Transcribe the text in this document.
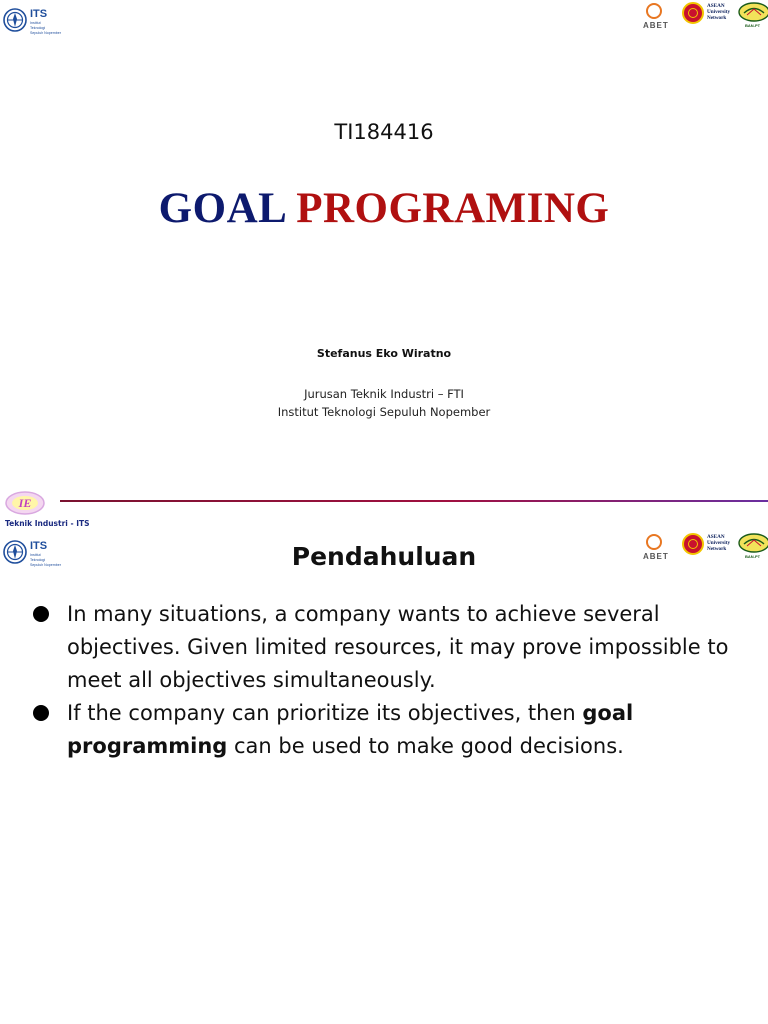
ITS
Institut
Teknologi
Sepuluh Nopember
ABET
ASEAN
University
Network
BAN-PT
TI184416
GOAL PROGRAMING
Stefanus Eko Wiratno
Jurusan Teknik Industri – FTI
Institut Teknologi Sepuluh Nopember
IE
Teknik Industri - ITS
ITS
Institut
Teknologi
Sepuluh Nopember
ABET
ASEAN
University
Network
BAN-PT
Pendahuluan
In many situations, a company wants to achieve several objectives. Given limited resources, it may prove impossible to meet all objectives simultaneously.
If the company can prioritize its objectives, then goal programming can be used to make good decisions.
